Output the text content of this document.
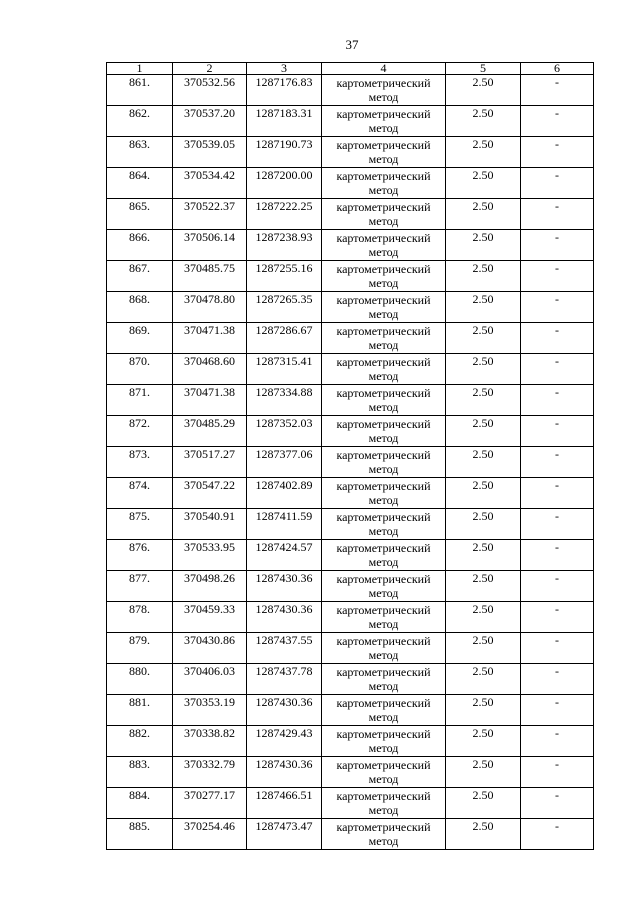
37
1	2	3	4	5	6
861.	370532.56	1287176.83	картометрический метод	2.50	-
862.	370537.20	1287183.31	картометрический метод	2.50	-
863.	370539.05	1287190.73	картометрический метод	2.50	-
864.	370534.42	1287200.00	картометрический метод	2.50	-
865.	370522.37	1287222.25	картометрический метод	2.50	-
866.	370506.14	1287238.93	картометрический метод	2.50	-
867.	370485.75	1287255.16	картометрический метод	2.50	-
868.	370478.80	1287265.35	картометрический метод	2.50	-
869.	370471.38	1287286.67	картометрический метод	2.50	-
870.	370468.60	1287315.41	картометрический метод	2.50	-
871.	370471.38	1287334.88	картометрический метод	2.50	-
872.	370485.29	1287352.03	картометрический метод	2.50	-
873.	370517.27	1287377.06	картометрический метод	2.50	-
874.	370547.22	1287402.89	картометрический метод	2.50	-
875.	370540.91	1287411.59	картометрический метод	2.50	-
876.	370533.95	1287424.57	картометрический метод	2.50	-
877.	370498.26	1287430.36	картометрический метод	2.50	-
878.	370459.33	1287430.36	картометрический метод	2.50	-
879.	370430.86	1287437.55	картометрический метод	2.50	-
880.	370406.03	1287437.78	картометрический метод	2.50	-
881.	370353.19	1287430.36	картометрический метод	2.50	-
882.	370338.82	1287429.43	картометрический метод	2.50	-
883.	370332.79	1287430.36	картометрический метод	2.50	-
884.	370277.17	1287466.51	картометрический метод	2.50	-
885.	370254.46	1287473.47	картометрический метод	2.50	-
